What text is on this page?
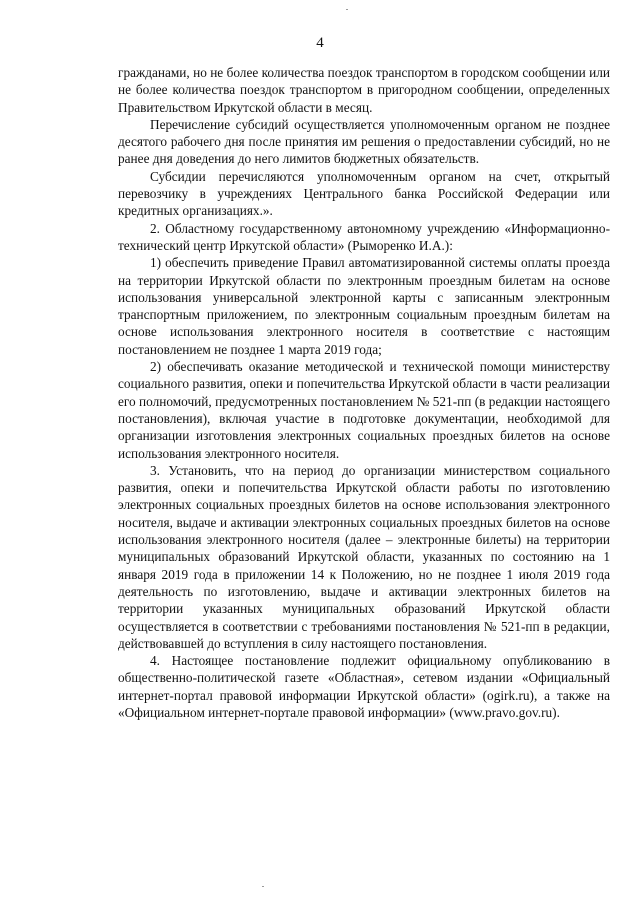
4

гражданами, но не более количества поездок транспортом в городском сообщении или не более количества поездок транспортом в пригородном сообщении, определенных Правительством Иркутской области в месяц.

Перечисление субсидий осуществляется уполномоченным органом не позднее десятого рабочего дня после принятия им решения о предоставлении субсидий, но не ранее дня доведения до него лимитов бюджетных обязательств.

Субсидии перечисляются уполномоченным органом на счет, открытый перевозчику в учреждениях Центрального банка Российской Федерации или кредитных организациях.».

2. Областному государственному автономному учреждению «Информационно-технический центр Иркутской области» (Рыморенко И.А.):

1) обеспечить приведение Правил автоматизированной системы оплаты проезда на территории Иркутской области по электронным проездным билетам на основе использования универсальной электронной карты с записанным электронным транспортным приложением, по электронным социальным проездным билетам на основе использования электронного носителя в соответствие с настоящим постановлением не позднее 1 марта 2019 года;

2) обеспечивать оказание методической и технической помощи министерству социального развития, опеки и попечительства Иркутской области в части реализации его полномочий, предусмотренных постановлением № 521-пп (в редакции настоящего постановления), включая участие в подготовке документации, необходимой для организации изготовления электронных социальных проездных билетов на основе использования электронного носителя.

3. Установить, что на период до организации министерством социального развития, опеки и попечительства Иркутской области работы по изготовлению электронных социальных проездных билетов на основе использования электронного носителя, выдаче и активации электронных социальных проездных билетов на основе использования электронного носителя (далее – электронные билеты) на территории муниципальных образований Иркутской области, указанных по состоянию на 1 января 2019 года в приложении 14 к Положению, но не позднее 1 июля 2019 года деятельность по изготовлению, выдаче и активации электронных билетов на территории указанных муниципальных образований Иркутской области осуществляется в соответствии с требованиями постановления № 521-пп в редакции, действовавшей до вступления в силу настоящего постановления.

4. Настоящее постановление подлежит официальному опубликованию в общественно-политической газете «Областная», сетевом издании «Официальный интернет-портал правовой информации Иркутской области» (ogirk.ru), а также на «Официальном интернет-портале правовой информации» (www.pravo.gov.ru).
